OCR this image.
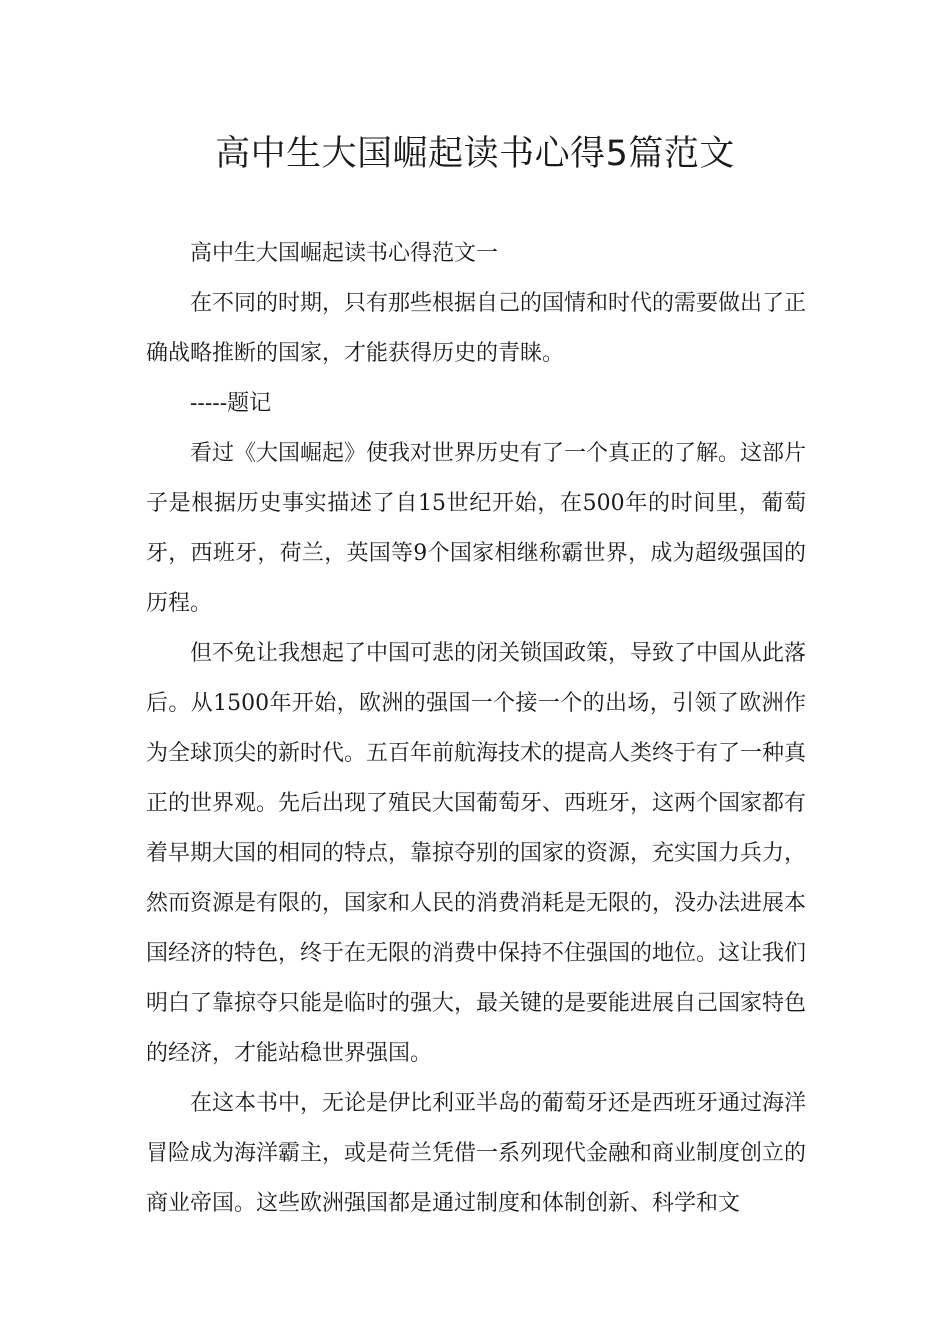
高中生大国崛起读书心得5篇范文

高中生大国崛起读书心得范文一

在不同的时期，只有那些根据自己的国情和时代的需要做出了正确战略推断的国家，才能获得历史的青睐。

-----题记

看过《大国崛起》使我对世界历史有了一个真正的了解。这部片子是根据历史事实描述了自15世纪开始，在500年的时间里，葡萄牙，西班牙，荷兰，英国等9个国家相继称霸世界，成为超级强国的历程。

但不免让我想起了中国可悲的闭关锁国政策，导致了中国从此落后。从1500年开始，欧洲的强国一个接一个的出场，引领了欧洲作为全球顶尖的新时代。五百年前航海技术的提高人类终于有了一种真正的世界观。先后出现了殖民大国葡萄牙、西班牙，这两个国家都有着早期大国的相同的特点，靠掠夺别的国家的资源，充实国力兵力，然而资源是有限的，国家和人民的消费消耗是无限的，没办法进展本国经济的特色，终于在无限的消费中保持不住强国的地位。这让我们明白了靠掠夺只能是临时的强大，最关键的是要能进展自己国家特色的经济，才能站稳世界强国。

在这本书中，无论是伊比利亚半岛的葡萄牙还是西班牙通过海洋冒险成为海洋霸主，或是荷兰凭借一系列现代金融和商业制度创立的商业帝国。这些欧洲强国都是通过制度和体制创新、科学和文
